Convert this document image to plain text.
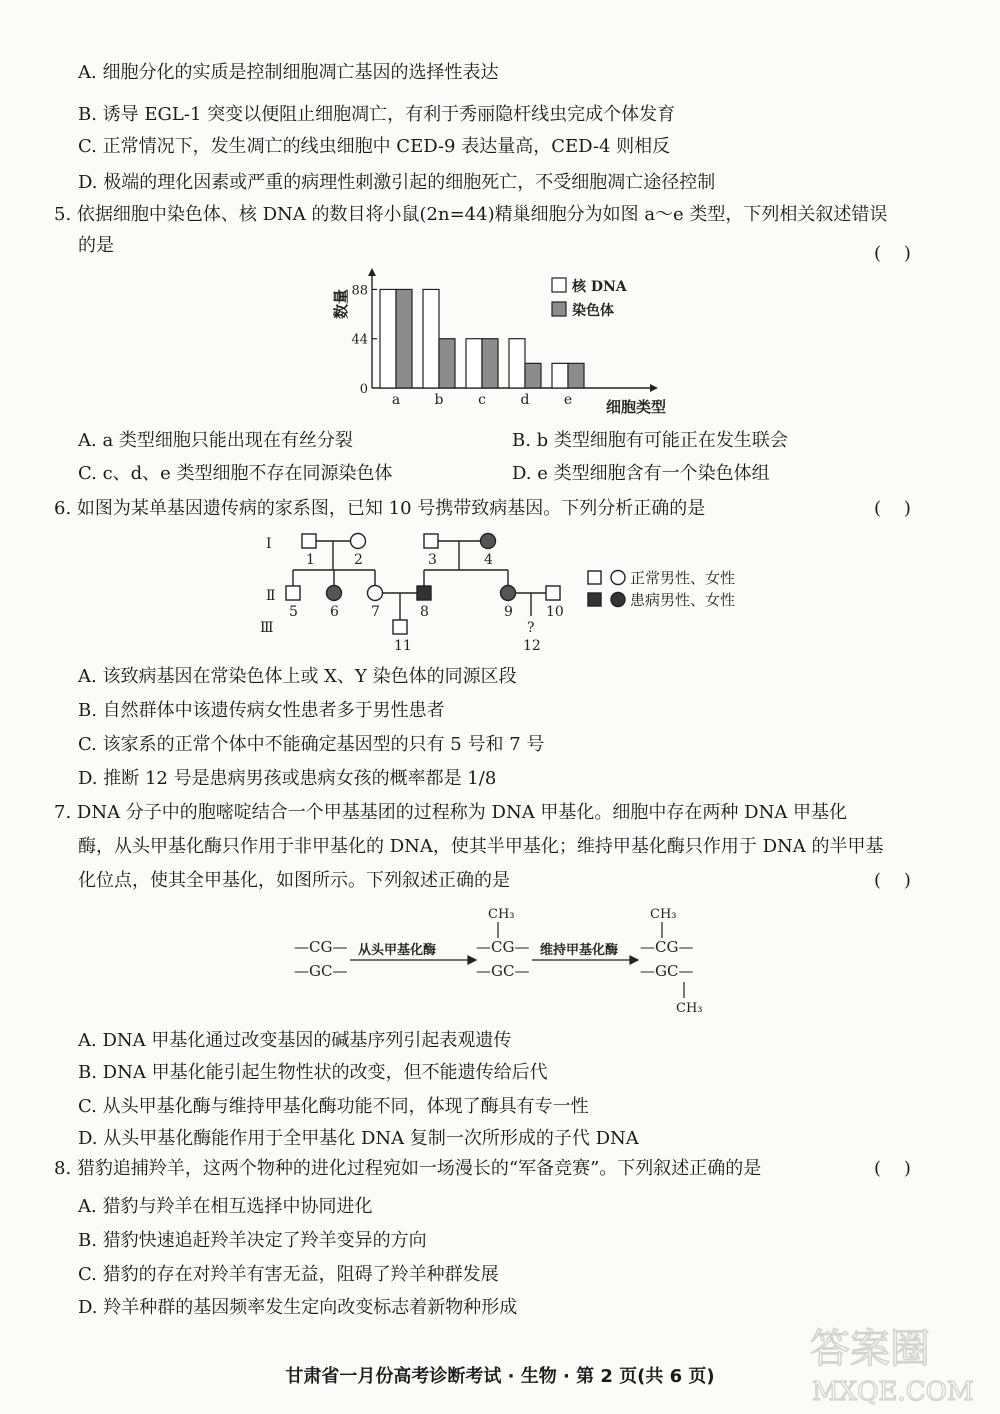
A. 细胞分化的实质是控制细胞凋亡基因的选择性表达
B. 诱导 EGL-1 突变以便阻止细胞凋亡，有利于秀丽隐杆线虫完成个体发育
C. 正常情况下，发生凋亡的线虫细胞中 CED-9 表达量高，CED-4 则相反
D. 极端的理化因素或严重的病理性刺激引起的细胞死亡，不受细胞凋亡途径控制
5. 依据细胞中染色体、核 DNA 的数目将小鼠(2n=44)精巢细胞分为如图 a～e 类型，下列相关叙述错误
的是	(    )
数量
0
44
88
a b c d e 细胞类型
核 DNA
染色体
A. a 类型细胞只能出现在有丝分裂	B. b 类型细胞有可能正在发生联会
C. c、d、e 类型细胞不存在同源染色体	D. e 类型细胞含有一个染色体组
6. 如图为某单基因遗传病的家系图，已知 10 号携带致病基因。下列分析正确的是	(    )
Ⅰ
Ⅱ
Ⅲ
1	2	3	4
5 6 7	8	9 10
11
?
12
正常男性、女性
患病男性、女性
A. 该致病基因在常染色体上或 X、Y 染色体的同源区段
B. 自然群体中该遗传病女性患者多于男性患者
C. 该家系的正常个体中不能确定基因型的只有 5 号和 7 号
D. 推断 12 号是患病男孩或患病女孩的概率都是 1/8
7. DNA 分子中的胞嘧啶结合一个甲基基团的过程称为 DNA 甲基化。细胞中存在两种 DNA 甲基化
酶，从头甲基化酶只作用于非甲基化的 DNA，使其半甲基化；维持甲基化酶只作用于 DNA 的半甲基
化位点，使其全甲基化，如图所示。下列叙述正确的是	(    )
—CG—
—GC—
—CG—
—GC—
CH₃
—CG—
—GC—
CH₃
CH₃
从头甲基化酶	维持甲基化酶
A. DNA 甲基化通过改变基因的碱基序列引起表观遗传
B. DNA 甲基化能引起生物性状的改变，但不能遗传给后代
C. 从头甲基化酶与维持甲基化酶功能不同，体现了酶具有专一性
D. 从头甲基化酶能作用于全甲基化 DNA 复制一次所形成的子代 DNA
8. 猎豹追捕羚羊，这两个物种的进化过程宛如一场漫长的“军备竞赛”。下列叙述正确的是	(    )
A. 猎豹与羚羊在相互选择中协同进化
B. 猎豹快速追赶羚羊决定了羚羊变异的方向
C. 猎豹的存在对羚羊有害无益，阻碍了羚羊种群发展
D. 羚羊种群的基因频率发生定向改变标志着新物种形成
甘肃省一月份高考诊断考试 · 生物 · 第 2 页(共 6 页)
答案圈
MXQE.COM
